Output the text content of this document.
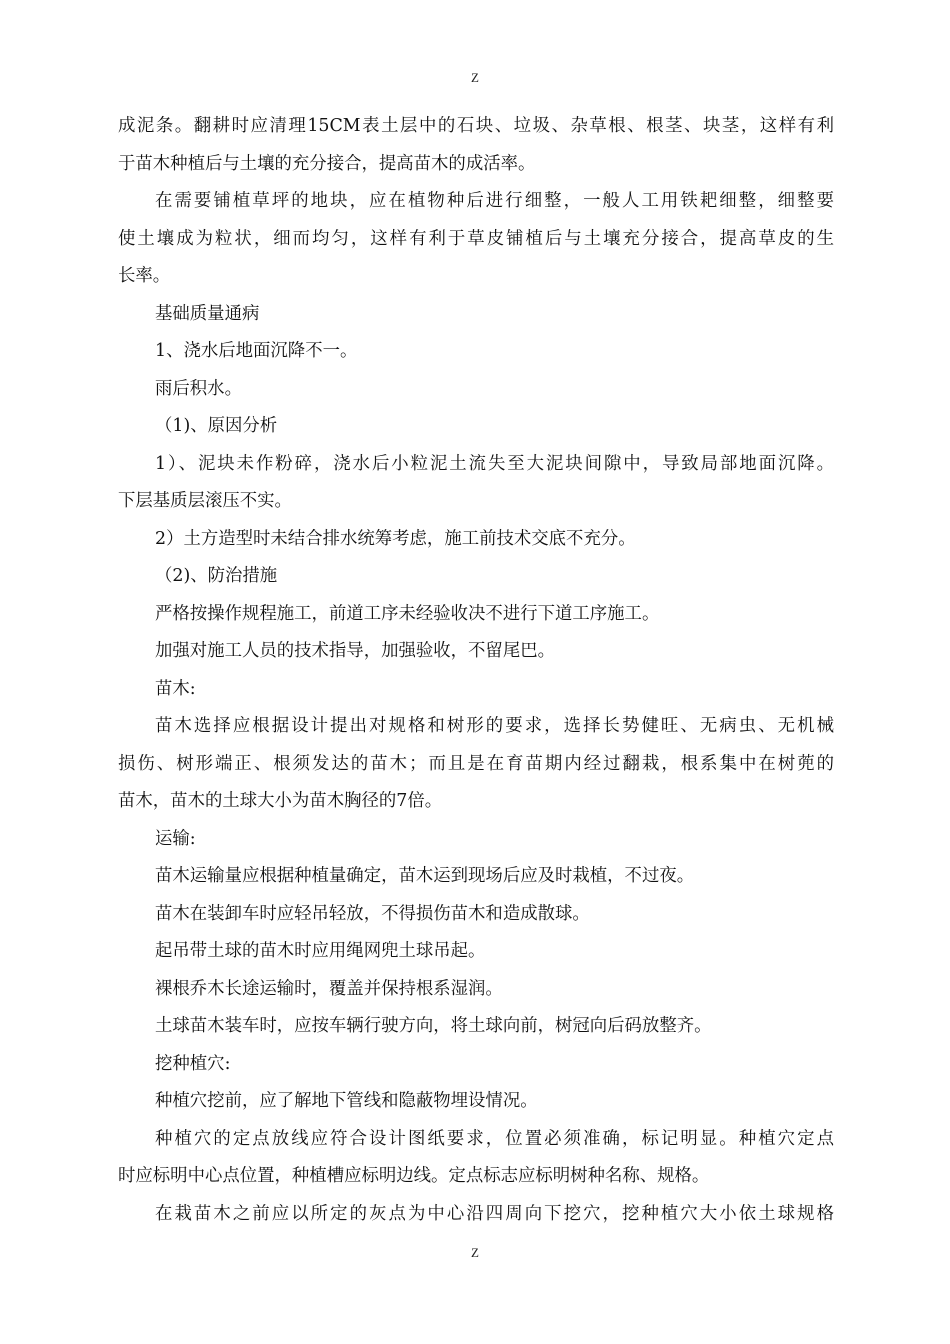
Z
成泥条。翻耕时应清理15CM表土层中的石块、垃圾、杂草根、根茎、块茎，这样有利
于苗木种植后与土壤的充分接合，提高苗木的成活率。
在需要铺植草坪的地块，应在植物种后进行细整，一般人工用铁耙细整，细整要
使土壤成为粒状，细而均匀，这样有利于草皮铺植后与土壤充分接合，提高草皮的生
长率。
基础质量通病
1、浇水后地面沉降不一。
雨后积水。
（1)、原因分析
1）、泥块未作粉碎，浇水后小粒泥土流失至大泥块间隙中，导致局部地面沉降。
下层基质层滚压不实。
2）土方造型时未结合排水统筹考虑，施工前技术交底不充分。
（2)、防治措施
严格按操作规程施工，前道工序未经验收决不进行下道工序施工。
加强对施工人员的技术指导，加强验收，不留尾巴。
苗木:
苗木选择应根据设计提出对规格和树形的要求，选择长势健旺、无病虫、无机械
损伤、树形端正、根须发达的苗木；而且是在育苗期内经过翻栽，根系集中在树蔸的
苗木，苗木的土球大小为苗木胸径的7倍。
运输:
苗木运输量应根据种植量确定，苗木运到现场后应及时栽植，不过夜。
苗木在装卸车时应轻吊轻放，不得损伤苗木和造成散球。
起吊带土球的苗木时应用绳网兜土球吊起。
裸根乔木长途运输时，覆盖并保持根系湿润。
土球苗木装车时，应按车辆行驶方向，将土球向前，树冠向后码放整齐。
挖种植穴:
种植穴挖前，应了解地下管线和隐蔽物埋设情况。
种植穴的定点放线应符合设计图纸要求，位置必须准确，标记明显。种植穴定点
时应标明中心点位置，种植槽应标明边线。定点标志应标明树种名称、规格。
在栽苗木之前应以所定的灰点为中心沿四周向下挖穴，挖种植穴大小依土球规格
Z
